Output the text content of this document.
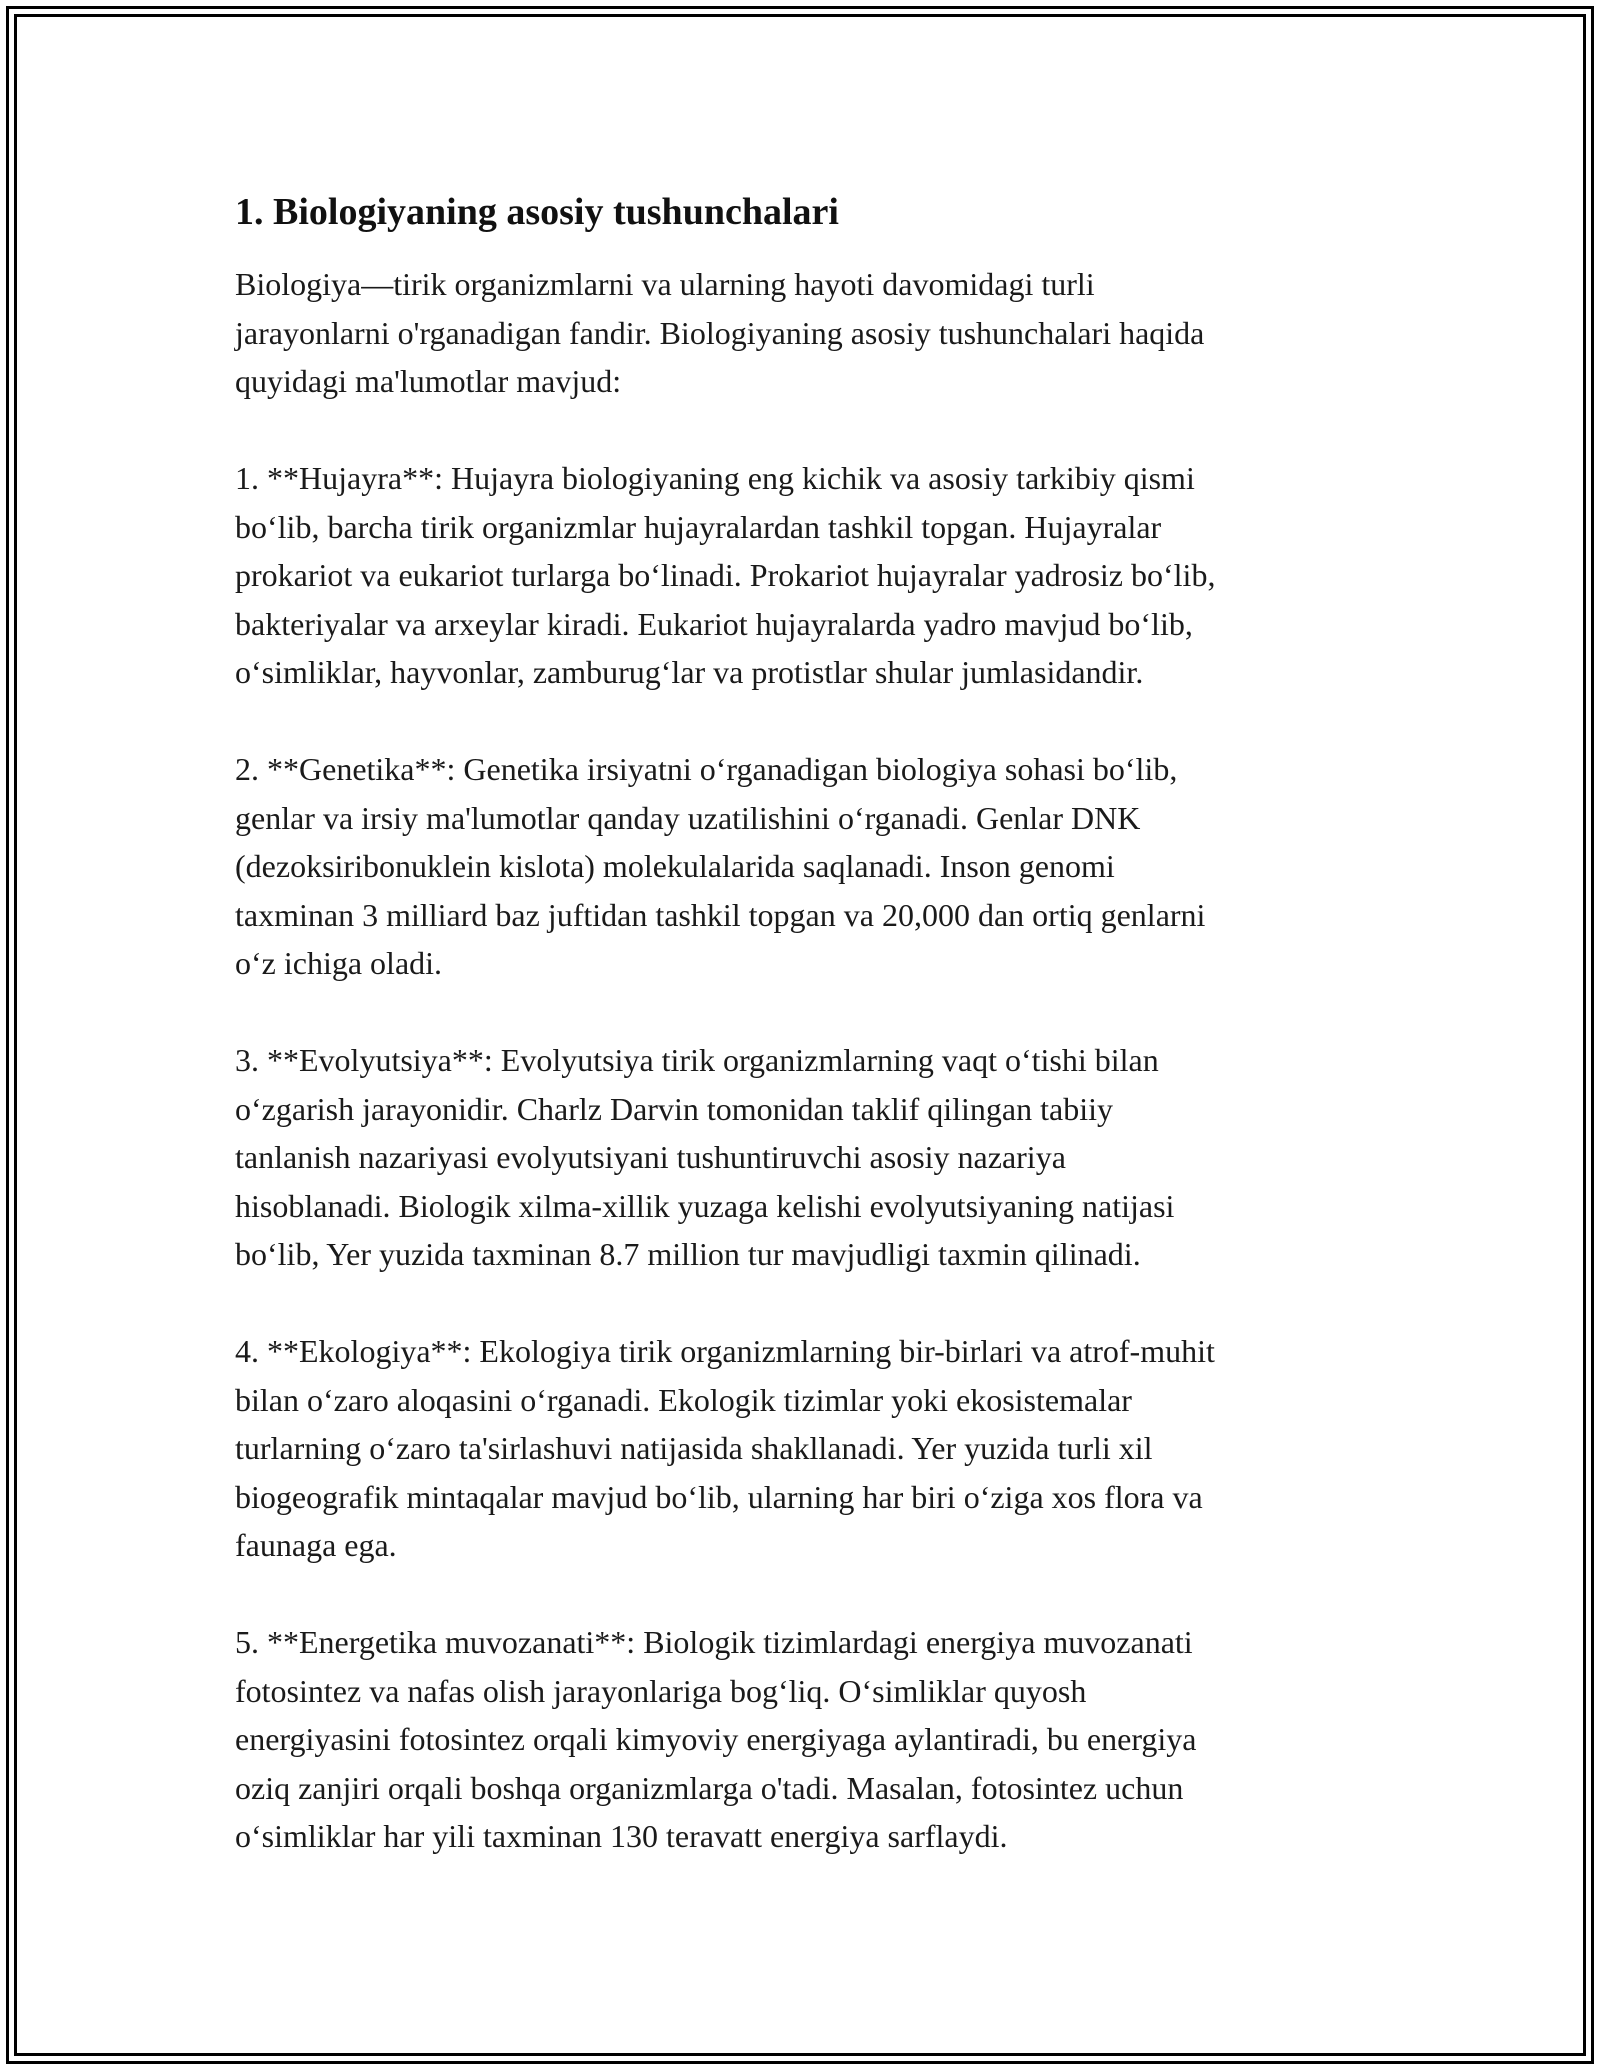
1. Biologiyaning asosiy tushunchalari

Biologiya—tirik organizmlarni va ularning hayoti davomidagi turli
jarayonlarni o'rganadigan fandir. Biologiyaning asosiy tushunchalari haqida
quyidagi ma'lumotlar mavjud:

1. **Hujayra**: Hujayra biologiyaning eng kichik va asosiy tarkibiy qismi
bo‘lib, barcha tirik organizmlar hujayralardan tashkil topgan. Hujayralar
prokariot va eukariot turlarga bo‘linadi. Prokariot hujayralar yadrosiz bo‘lib,
bakteriyalar va arxeylar kiradi. Eukariot hujayralarda yadro mavjud bo‘lib,
o‘simliklar, hayvonlar, zamburug‘lar va protistlar shular jumlasidandir.

2. **Genetika**: Genetika irsiyatni o‘rganadigan biologiya sohasi bo‘lib,
genlar va irsiy ma'lumotlar qanday uzatilishini o‘rganadi. Genlar DNK
(dezoksiribonuklein kislota) molekulalarida saqlanadi. Inson genomi
taxminan 3 milliard baz juftidan tashkil topgan va 20,000 dan ortiq genlarni
o‘z ichiga oladi.

3. **Evolyutsiya**: Evolyutsiya tirik organizmlarning vaqt o‘tishi bilan
o‘zgarish jarayonidir. Charlz Darvin tomonidan taklif qilingan tabiiy
tanlanish nazariyasi evolyutsiyani tushuntiruvchi asosiy nazariya
hisoblanadi. Biologik xilma-xillik yuzaga kelishi evolyutsiyaning natijasi
bo‘lib, Yer yuzida taxminan 8.7 million tur mavjudligi taxmin qilinadi.

4. **Ekologiya**: Ekologiya tirik organizmlarning bir-birlari va atrof-muhit
bilan o‘zaro aloqasini o‘rganadi. Ekologik tizimlar yoki ekosistemalar
turlarning o‘zaro ta'sirlashuvi natijasida shakllanadi. Yer yuzida turli xil
biogeografik mintaqalar mavjud bo‘lib, ularning har biri o‘ziga xos flora va
faunaga ega.

5. **Energetika muvozanati**: Biologik tizimlardagi energiya muvozanati
fotosintez va nafas olish jarayonlariga bog‘liq. O‘simliklar quyosh
energiyasini fotosintez orqali kimyoviy energiyaga aylantiradi, bu energiya
oziq zanjiri orqali boshqa organizmlarga o'tadi. Masalan, fotosintez uchun
o‘simliklar har yili taxminan 130 teravatt energiya sarflaydi.
